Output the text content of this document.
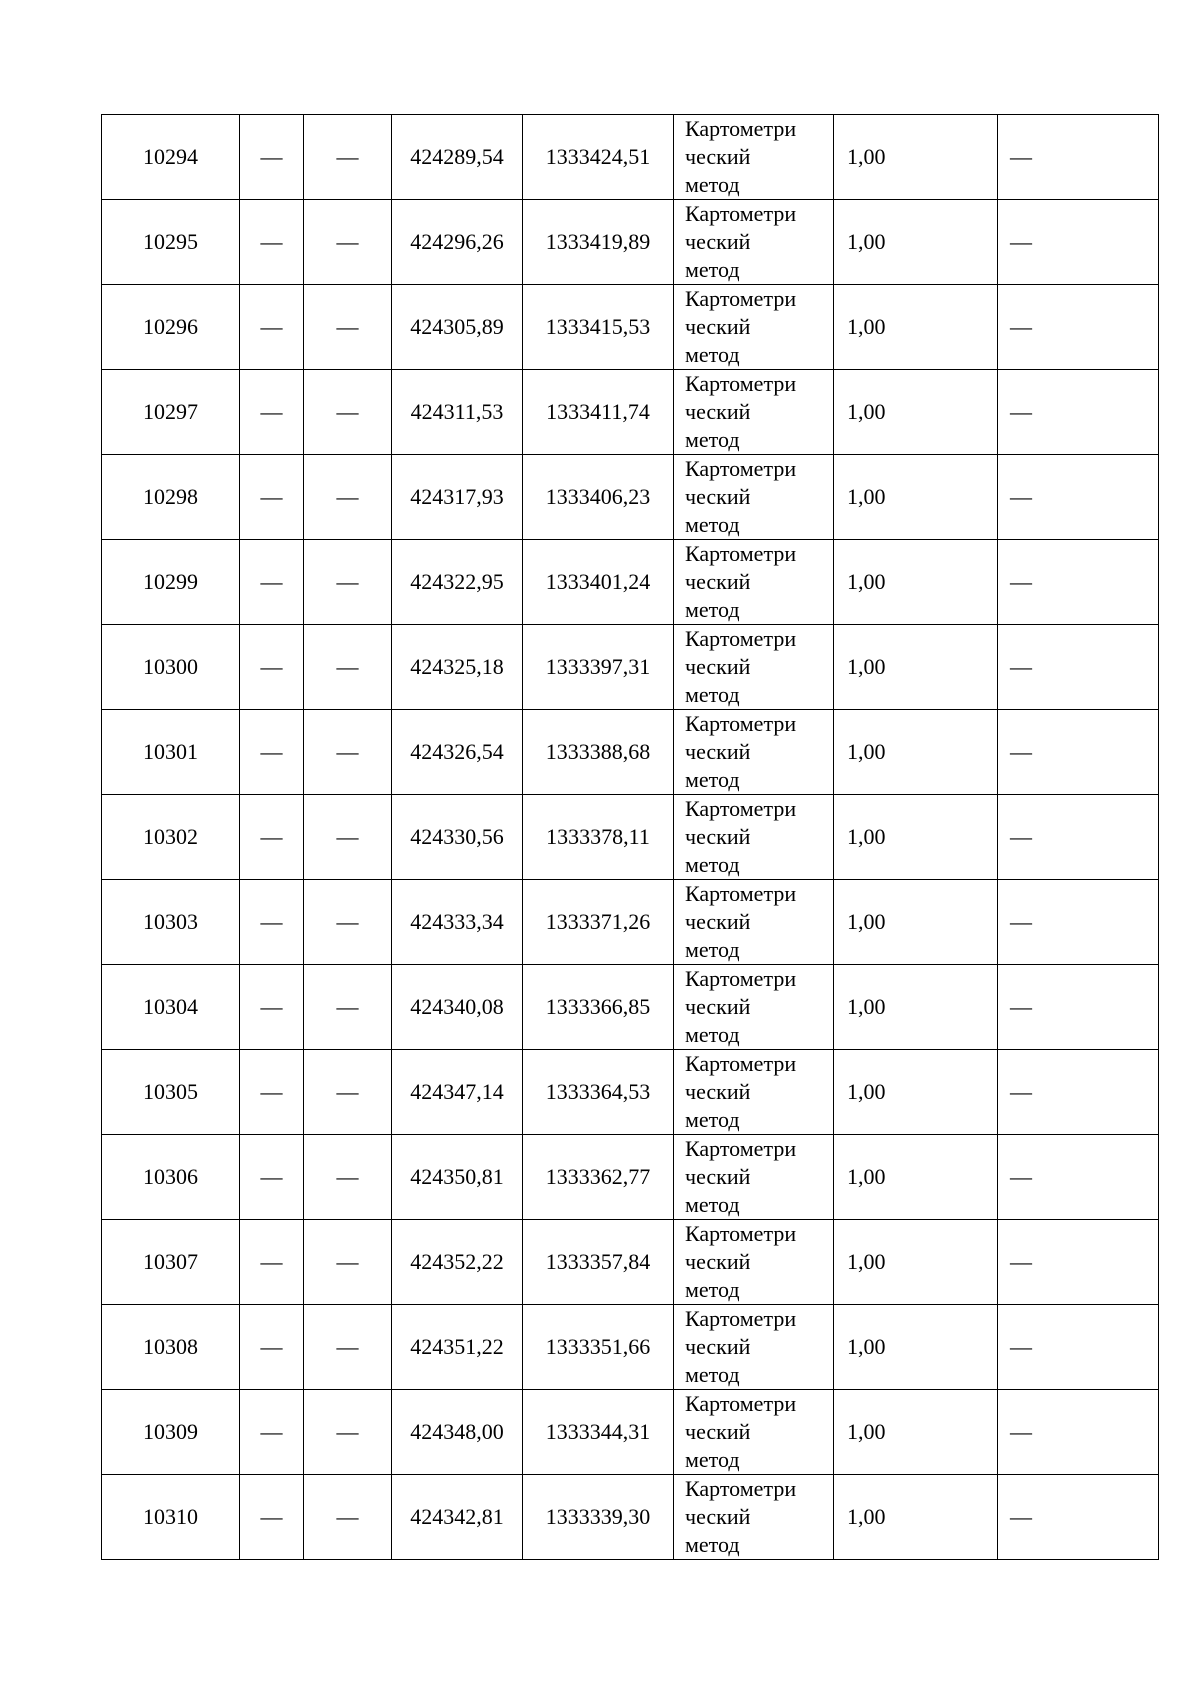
10294	—	—	424289,54	1333424,51	Картометри
ческий
метод	1,00	—
10295	—	—	424296,26	1333419,89	Картометри
ческий
метод	1,00	—
10296	—	—	424305,89	1333415,53	Картометри
ческий
метод	1,00	—
10297	—	—	424311,53	1333411,74	Картометри
ческий
метод	1,00	—
10298	—	—	424317,93	1333406,23	Картометри
ческий
метод	1,00	—
10299	—	—	424322,95	1333401,24	Картометри
ческий
метод	1,00	—
10300	—	—	424325,18	1333397,31	Картометри
ческий
метод	1,00	—
10301	—	—	424326,54	1333388,68	Картометри
ческий
метод	1,00	—
10302	—	—	424330,56	1333378,11	Картометри
ческий
метод	1,00	—
10303	—	—	424333,34	1333371,26	Картометри
ческий
метод	1,00	—
10304	—	—	424340,08	1333366,85	Картометри
ческий
метод	1,00	—
10305	—	—	424347,14	1333364,53	Картометри
ческий
метод	1,00	—
10306	—	—	424350,81	1333362,77	Картометри
ческий
метод	1,00	—
10307	—	—	424352,22	1333357,84	Картометри
ческий
метод	1,00	—
10308	—	—	424351,22	1333351,66	Картометри
ческий
метод	1,00	—
10309	—	—	424348,00	1333344,31	Картометри
ческий
метод	1,00	—
10310	—	—	424342,81	1333339,30	Картометри
ческий
метод	1,00	—
